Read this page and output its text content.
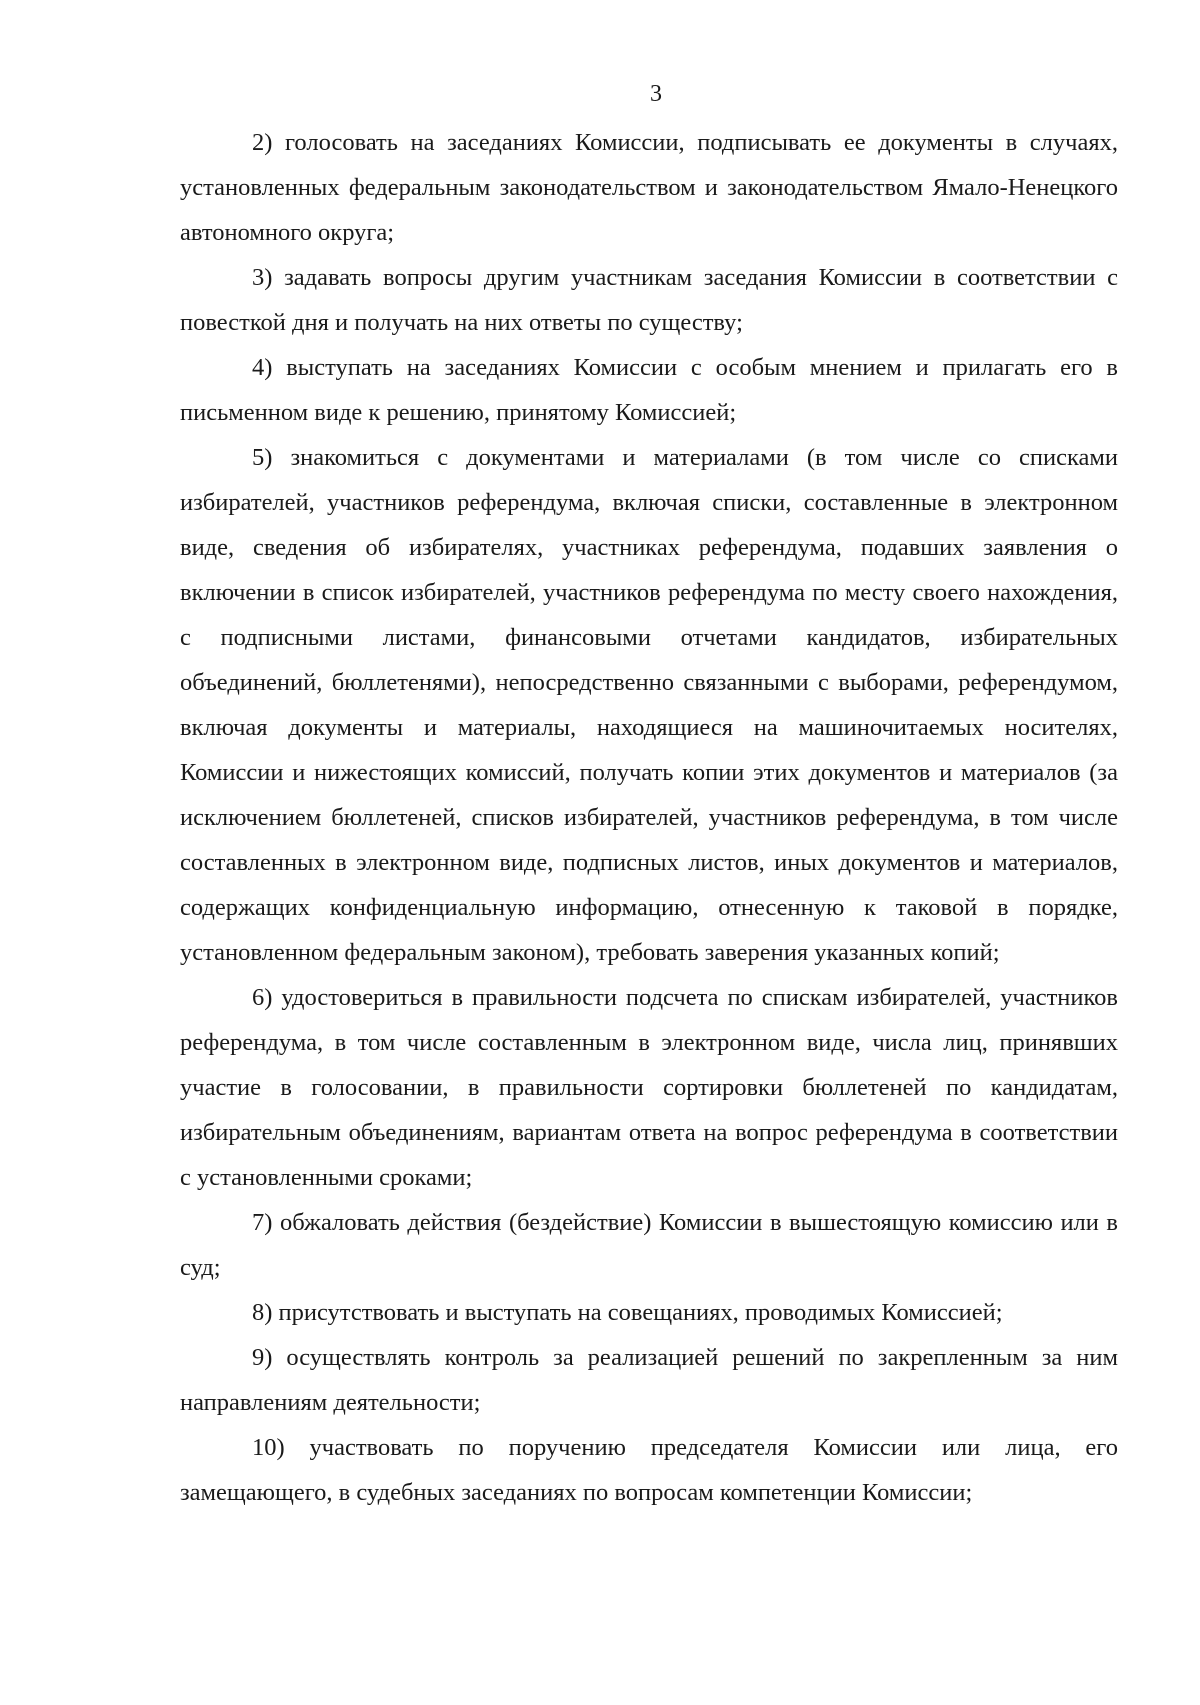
3

2) голосовать на заседаниях Комиссии, подписывать ее документы в случаях, установленных федеральным законодательством и законодательством Ямало-Ненецкого автономного округа;

3) задавать вопросы другим участникам заседания Комиссии в соответствии с повесткой дня и получать на них ответы по существу;

4) выступать на заседаниях Комиссии с особым мнением и прилагать его в письменном виде к решению, принятому Комиссией;

5) знакомиться с документами и материалами (в том числе со списками избирателей, участников референдума, включая списки, составленные в электронном виде, сведения об избирателях, участниках референдума, подавших заявления о включении в список избирателей, участников референдума по месту своего нахождения, с подписными листами, финансовыми отчетами кандидатов, избирательных объединений, бюллетенями), непосредственно связанными с выборами, референдумом, включая документы и материалы, находящиеся на машиночитаемых носителях, Комиссии и нижестоящих комиссий, получать копии этих документов и материалов (за исключением бюллетеней, списков избирателей, участников референдума, в том числе составленных в электронном виде, подписных листов, иных документов и материалов, содержащих конфиденциальную информацию, отнесенную к таковой в порядке, установленном федеральным законом), требовать заверения указанных копий;

6) удостовериться в правильности подсчета по спискам избирателей, участников референдума, в том числе составленным в электронном виде, числа лиц, принявших участие в голосовании, в правильности сортировки бюллетеней по кандидатам, избирательным объединениям, вариантам ответа на вопрос референдума в соответствии с установленными сроками;

7) обжаловать действия (бездействие) Комиссии в вышестоящую комиссию или в суд;

8) присутствовать и выступать на совещаниях, проводимых Комиссией;

9) осуществлять контроль за реализацией решений по закрепленным за ним направлениям деятельности;

10) участвовать по поручению председателя Комиссии или лица, его замещающего, в судебных заседаниях по вопросам компетенции Комиссии;
